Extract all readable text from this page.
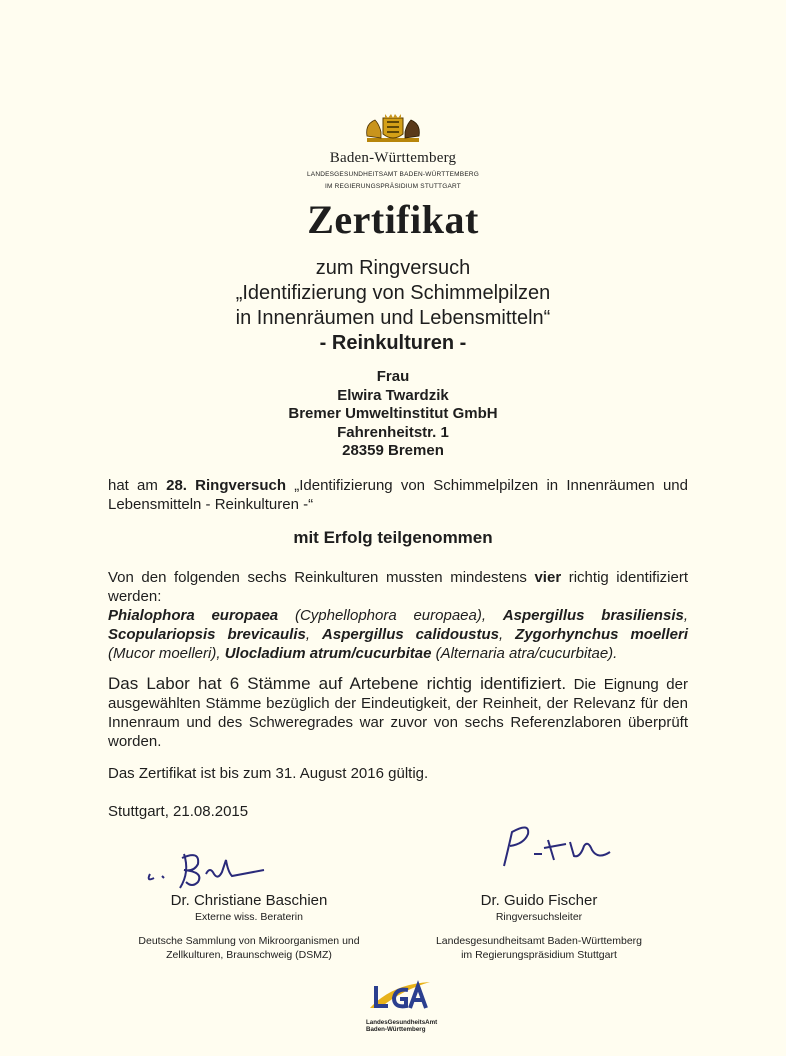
Baden-Württemberg
LANDESGESUNDHEITSAMT BADEN-WÜRTTEMBERG
IM REGIERUNGSPRÄSIDIUM STUTTGART
Zertifikat
zum Ringversuch
„Identifizierung von Schimmelpilzen
in Innenräumen und Lebensmitteln“
- Reinkulturen -
Frau
Elwira Twardzik
Bremer Umweltinstitut GmbH
Fahrenheitstr. 1
28359 Bremen
hat am 28. Ringversuch „Identifizierung von Schimmelpilzen in Innenräumen und Lebensmitteln - Reinkulturen -“
mit Erfolg teilgenommen
Von den folgenden sechs Reinkulturen mussten mindestens vier richtig identifiziert werden:
Phialophora europaea (Cyphellophora europaea), Aspergillus brasiliensis, Scopulariopsis brevicaulis, Aspergillus calidoustus, Zygorhynchus moelleri (Mucor moelleri), Ulocladium atrum/cucurbitae (Alternaria atra/cucurbitae).
Das Labor hat 6 Stämme auf Artebene richtig identifiziert. Die Eignung der ausgewählten Stämme bezüglich der Eindeutigkeit, der Reinheit, der Relevanz für den Innenraum und des Schweregrades war zuvor von sechs Referenzlaboren überprüft worden.
Das Zertifikat ist bis zum 31. August 2016 gültig.
Stuttgart, 21.08.2015
Dr. Christiane Baschien
Externe wiss. Beraterin
Deutsche Sammlung von Mikroorganismen und
Zellkulturen, Braunschweig (DSMZ)
Dr. Guido Fischer
Ringversuchsleiter
Landesgesundheitsamt Baden-Württemberg
im Regierungspräsidium Stuttgart
LandesGesundheitsAmt
Baden-Württemberg
